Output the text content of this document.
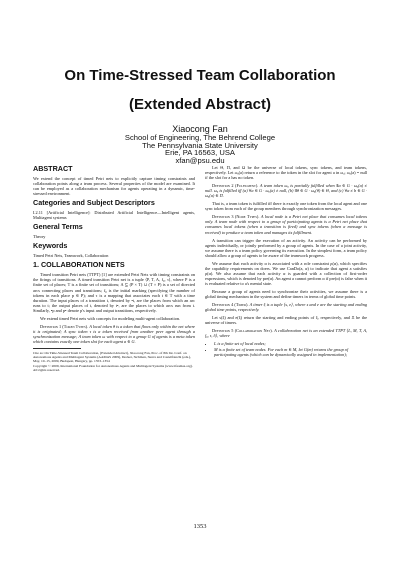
On Time-Stressed Team Collaboration
(Extended Abstract)
Xiaocong Fan
School of Engineering, The Behrend College
The Pennsylvania State University
Erie, PA 16563, USA
xfan@psu.edu
ABSTRACT
We extend the concept of timed Petri nets to explicitly capture timing constraints and collaboration points along a team process. Several properties of the model are examined. It can be employed as a collaboration mechanism for agents operating in a dynamic, time-stressed environment.
Categories and Subject Descriptors
I.2.11 [Artificial Intelligence]: Distributed Artificial Intelligence—Intelligent agents, Multiagent systems
General Terms
Theory
Keywords
Timed Petri Nets, Teamwork, Collaboration
1. COLLABORATION NETS
Timed transition Petri nets (TTPT) [1] are extended Petri Nets with timing constraints on the firings of transitions. A timed transition Petri net is a tuple ⟨P, T, A, f₀, τ⟩, where P is a finite set of places; T is a finite set of transitions; A ⊆ (P × T) ∪ (T × P) is a set of directed arcs connecting places and transitions; f₀ is the initial marking (specifying the number of tokens in each place p ∈ P); and τ is a mapping that associates each t ∈ T with a time duration. The input places of a transition t, denoted by •t, are the places from which an arc runs to t; the output places of t, denoted by t•, are the places to which arcs run from t. Similarly, •p and p• denote p's input and output transitions, respectively.
We extend timed Petri nets with concepts for modeling multi-agent collaboration.
Definition 1 (Token Types). A local token θ is a token that flows only within the net where it is originated; A sync token τ is a token received from another peer agent through a synchronization message; A team token ω with respect to a group G of agents is a meta token which contains exactly one token slot for each agent a ∈ G.
Cite as: On Time-Stressed Team Collaboration, (Extended Abstract), Xiaocong Fan, Proc. of 8th Int. Conf. on Autonomous Agents and Multiagent Systems (AAMAS 2009), Decker, Sichman, Sierra and Castelfranchi (eds.), May, 10–15, 2009, Budapest, Hungary, pp. 1353–1354
Copyright © 2009, International Foundation for Autonomous Agents and Multiagent Systems (www.ifaamas.org). All rights reserved.
Let Θ, Π, and Ω be the universe of local tokens, sync tokens, and team tokens, respectively. Let ωₐ(a) return a reference to the token in the slot for agent a in ωₐ; ωₐ(a) = null if the slot for a has no token.
Definition 2 (Fulfilment). A team token ωₐ is partially fulfilled when ∃a ∈ G · ωₐ(a) ≠ null. ωₐ is fulfilled iff (a) ∀a ∈ G · ωₐ(a) ≠ null, (b) ∃θ ∈ G · ωₐ(θ) ∈ Θ, and (c) ∀a ≠ b ∈ G · ωₐ(a) ∈ Π.
That is, a team token is fulfilled iff there is exactly one token from the local agent and one sync token from each of the group members through synchronization messages.
Definition 3 (Node Types). A local node is a Petri net place that consumes local tokens only. A team node with respect to a group of participating agents is a Petri net place that consumes local tokens (when a transition is fired) and sync tokens (when a message is received) to produce a team token and manages its fulfillment.
A transition can trigger the execution of an activity. An activity can be performed by agents individually, or jointly performed by a group of agents. In the case of a joint activity, we assume there is a team policy governing its execution. In the simplest form, a team policy should allow a group of agents to be aware of the teamwork progress.
We assume that each activity α is associated with a role constraint ρ(α), which specifies the capability requirements on doers. We use CanDo(a, α) to indicate that agent a satisfies ρ(α). We also assume that each activity α is guarded with a collection of first-order expressions, which is denoted by pre(α). An agent a cannot perform α if pre(α) is false when it is evaluated relative to a's mental state.
Because a group of agents need to synchronize their activities, we assume there is a global timing mechanism in the system and define timers in terms of global time points.
Definition 4 (Timer). A timer ξ is a tuple ⟨s, e⟩, where s and e are the starting and ending global time points, respectively.
Let s(ξ) and e(ξ) return the starting and ending points of ξ, respectively, and Ξ be the universe of timers.
Definition 5 (Collaboration Net). A collaboration net is an extended TTPT ⟨L, M, T, A, f₀, τ, δ⟩, where
• L is a finite set of local nodes;
• M is a finite set of team nodes. For each m ∈ M, let G(m) returns the group of participating agents (which can be dynamically assigned in implementation);
1353
